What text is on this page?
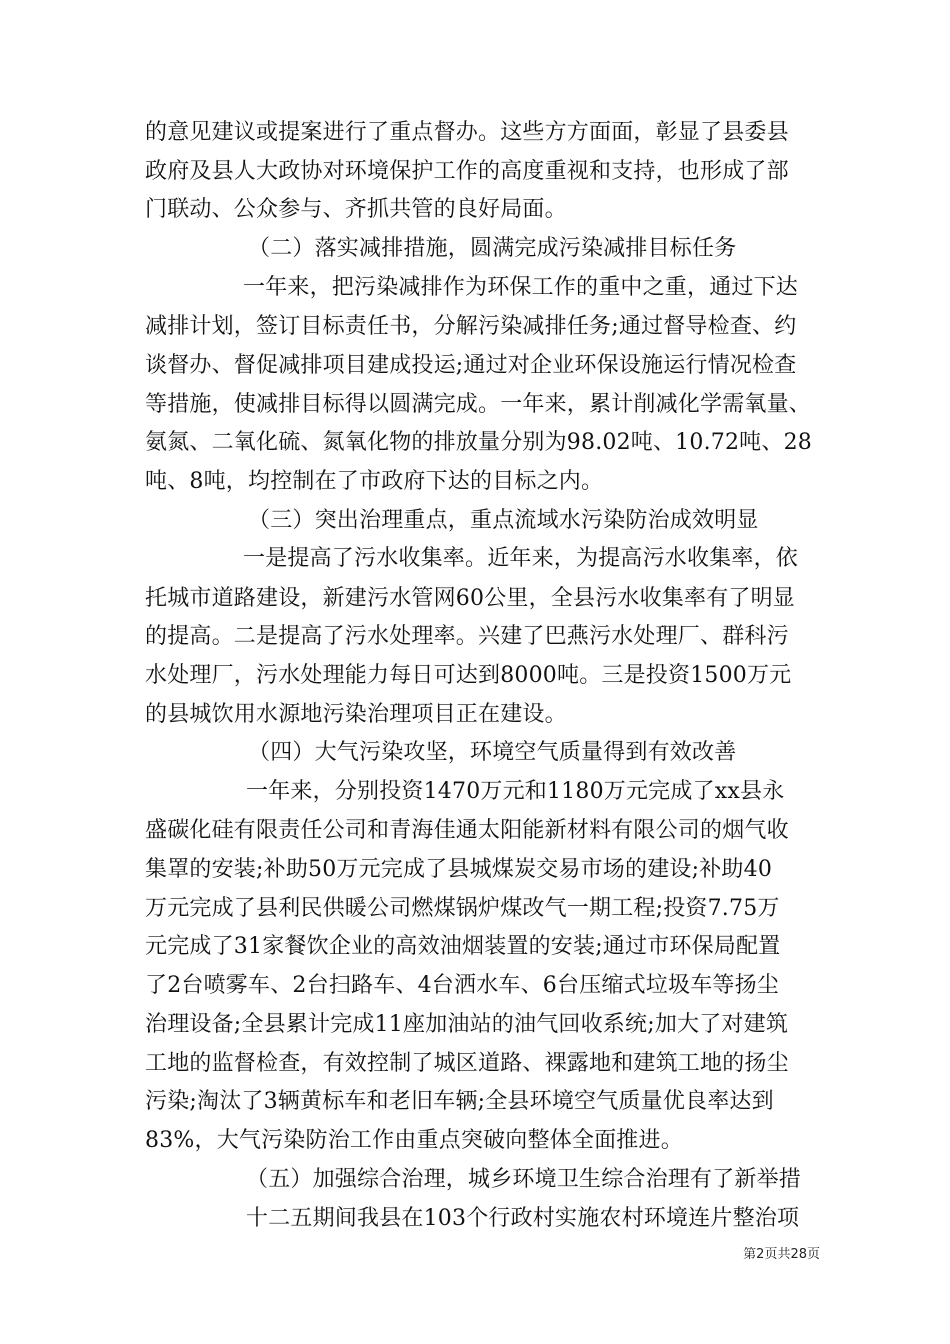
的意见建议或提案进行了重点督办。这些方方面面，彰显了县委县
政府及县人大政协对环境保护工作的高度重视和支持，也形成了部
门联动、公众参与、齐抓共管的良好局面。
（二）落实减排措施，圆满完成污染减排目标任务
一年来，把污染减排作为环保工作的重中之重，通过下达
减排计划，签订目标责任书，分解污染减排任务;通过督导检查、约
谈督办、督促减排项目建成投运;通过对企业环保设施运行情况检查
等措施，使减排目标得以圆满完成。一年来，累计削减化学需氧量、
氨氮、二氧化硫、氮氧化物的排放量分别为98.02吨、10.72吨、28
吨、8吨，均控制在了市政府下达的目标之内。
（三）突出治理重点，重点流域水污染防治成效明显
一是提高了污水收集率。近年来，为提高污水收集率，依
托城市道路建设，新建污水管网60公里，全县污水收集率有了明显
的提高。二是提高了污水处理率。兴建了巴燕污水处理厂、群科污
水处理厂，污水处理能力每日可达到8000吨。三是投资1500万元
的县城饮用水源地污染治理项目正在建设。
（四）大气污染攻坚，环境空气质量得到有效改善
一年来，分别投资1470万元和1180万元完成了xx县永
盛碳化硅有限责任公司和青海佳通太阳能新材料有限公司的烟气收
集罩的安装;补助50万元完成了县城煤炭交易市场的建设;补助40
万元完成了县利民供暖公司燃煤锅炉煤改气一期工程;投资7.75万
元完成了31家餐饮企业的高效油烟装置的安装;通过市环保局配置
了2台喷雾车、2台扫路车、4台洒水车、6台压缩式垃圾车等扬尘
治理设备;全县累计完成11座加油站的油气回收系统;加大了对建筑
工地的监督检查，有效控制了城区道路、裸露地和建筑工地的扬尘
污染;淘汰了3辆黄标车和老旧车辆;全县环境空气质量优良率达到
83%，大气污染防治工作由重点突破向整体全面推进。
（五）加强综合治理，城乡环境卫生综合治理有了新举措
十二五期间我县在103个行政村实施农村环境连片整治项
第2页共28页
